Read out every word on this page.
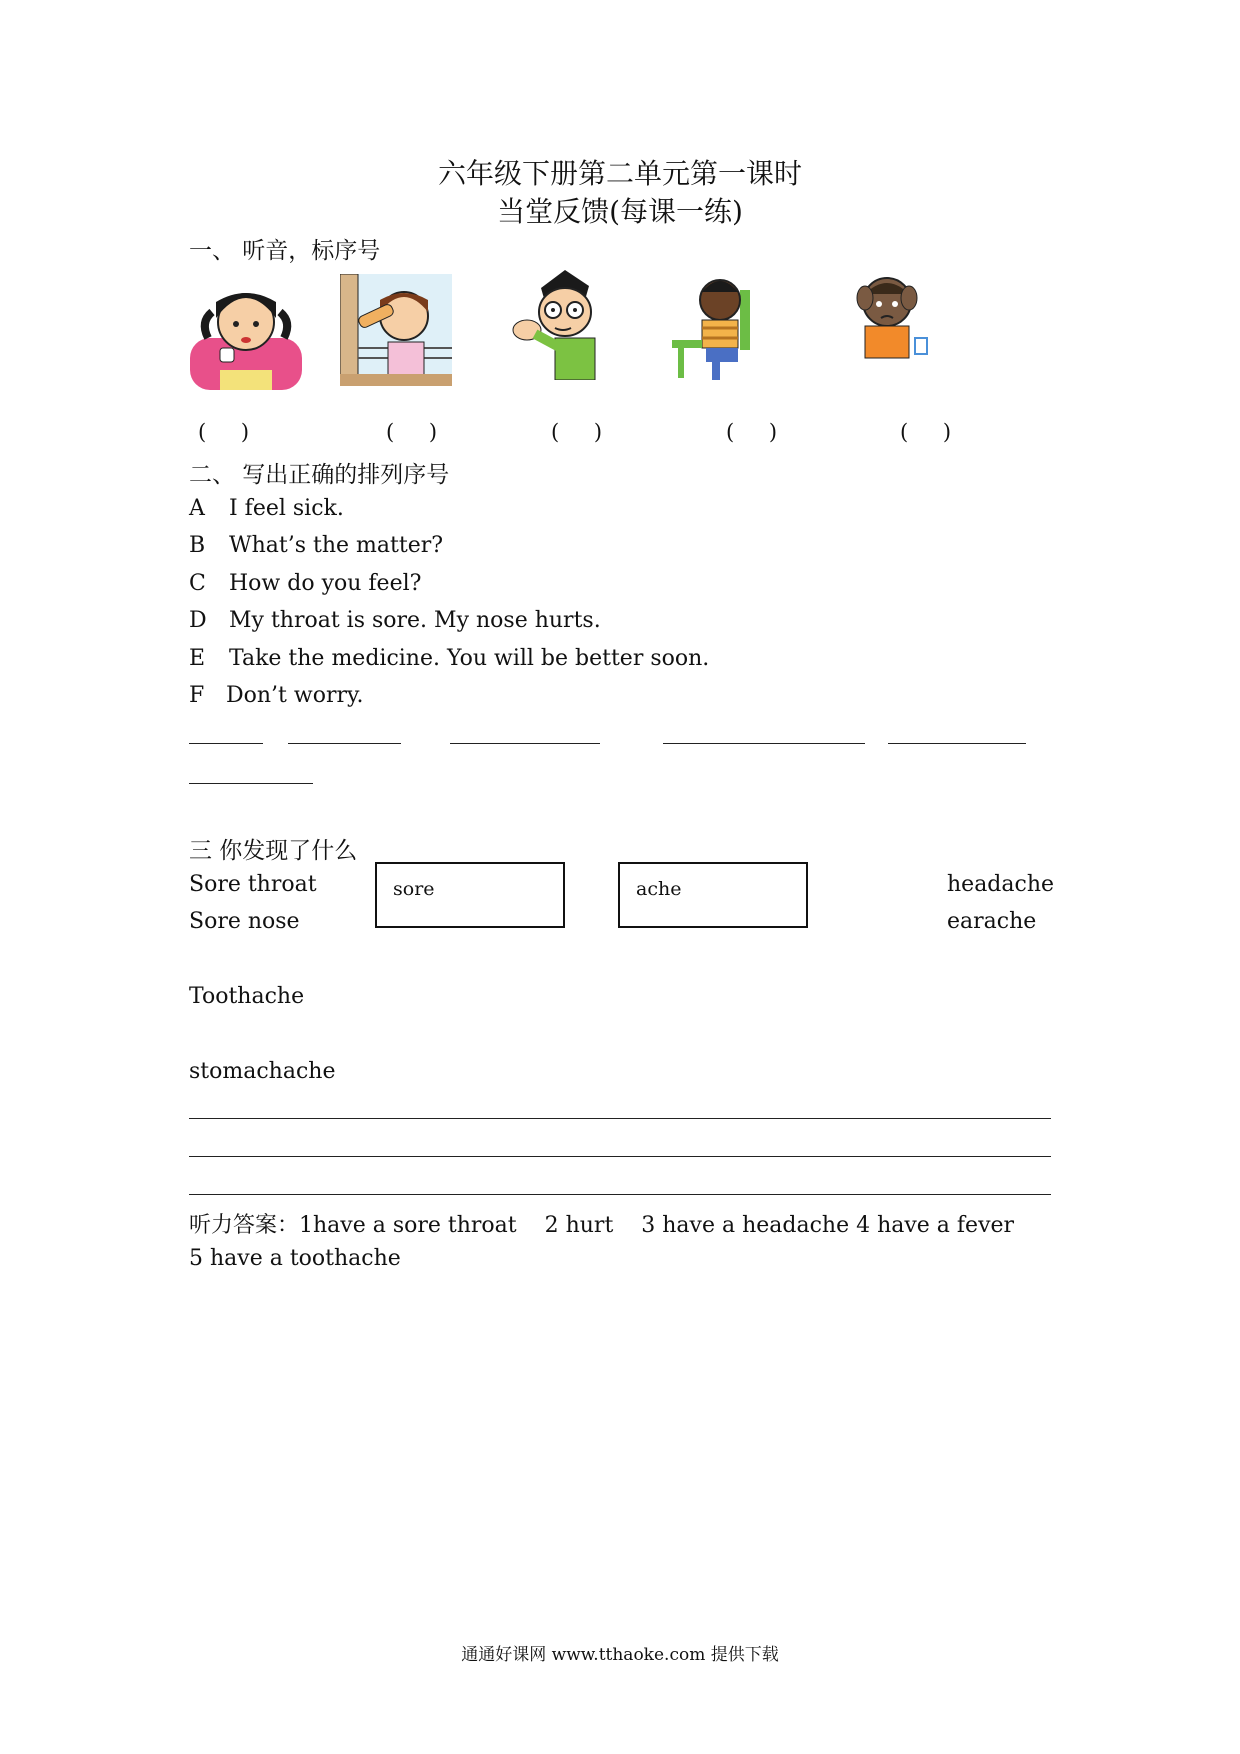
六年级下册第二单元第一课时
当堂反馈(每课一练)
一、 听音，标序号
( )	( )	( )	( )	( )
二、 写出正确的排列序号
A	I feel sick.
B	What’s the matter?
C	How do you feel?
D	My throat is sore. My nose hurts.
E	Take the medicine. You will be better soon.
F Don’t worry.
三 你发现了什么
Sore throat
Sore nose
sore	ache	headache
earache
Toothache
stomachache
听力答案：1have a sore throat    2 hurt    3 have a headache 4 have a fever
5 have a toothache
通通好课网 www.tthaoke.com 提供下载
